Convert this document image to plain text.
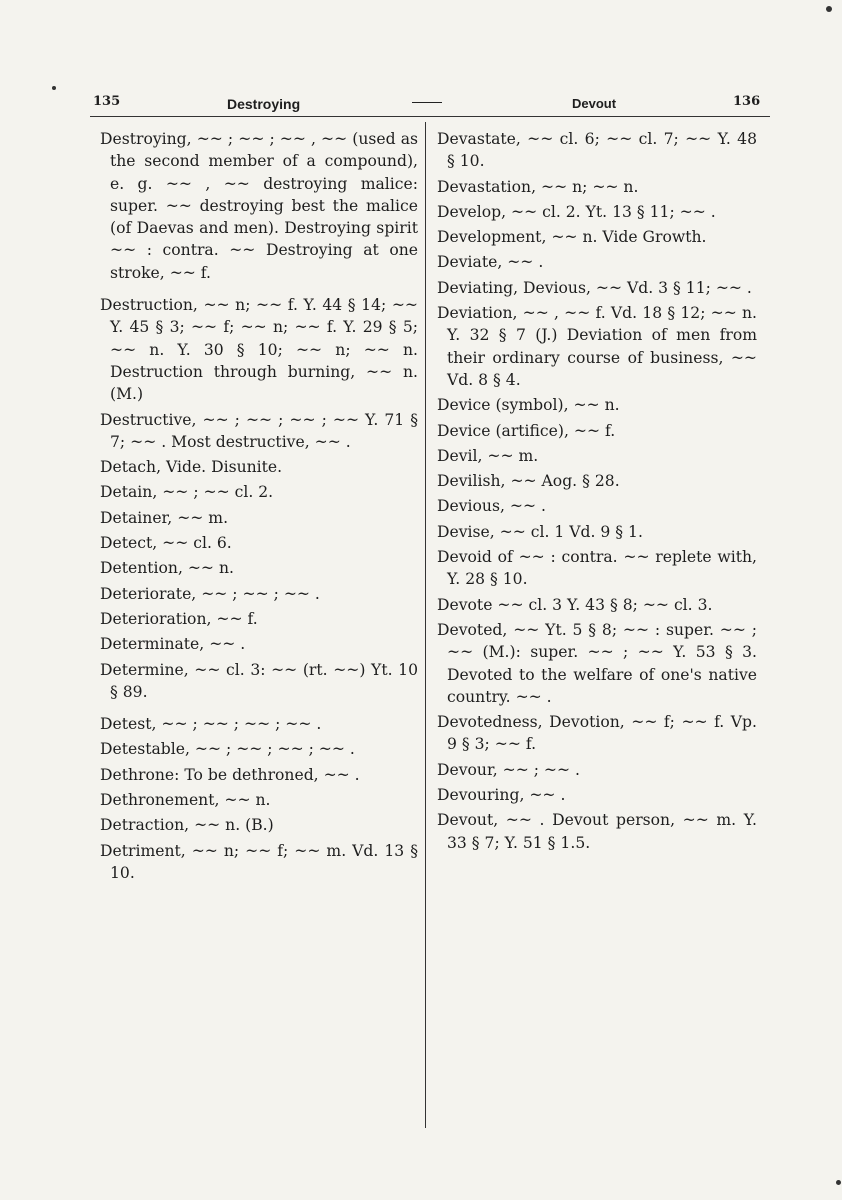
135	Destroying	Devout	136

Destroying, ~~ ; ~~ ; ~~ , ~~ (used as the second member of a compound), e. g. ~~ , ~~ destroying malice: super. ~~ destroying best the malice (of Daevas and men). Destroying spirit ~~ : contra. ~~ Destroying at one stroke, ~~ f.

Destruction, ~~ n; ~~ f. Y. 44 § 14; ~~ Y. 45 § 3; ~~ f; ~~ n; ~~ f. Y. 29 § 5; ~~ n. Y. 30 § 10; ~~ n; ~~ n. Destruction through burning, ~~ n. (M.)

Destructive, ~~ ; ~~ ; ~~ ; ~~ Y. 71 § 7; ~~ . Most destructive, ~~ .

Detach, Vide. Disunite.

Detain, ~~ ; ~~ cl. 2.

Detainer, ~~ m.

Detect, ~~ cl. 6.

Detention, ~~ n.

Deteriorate, ~~ ; ~~ ; ~~ .

Deterioration, ~~ f.

Determinate, ~~ .

Determine, ~~ cl. 3: ~~ (rt. ~~) Yt. 10 § 89.

Detest, ~~ ; ~~ ; ~~ ; ~~ .

Detestable, ~~ ; ~~ ; ~~ ; ~~ .

Dethrone: To be dethroned, ~~ .

Dethronement, ~~ n.

Detraction, ~~ n. (B.)

Detriment, ~~ n; ~~ f; ~~ m. Vd. 13 § 10.

Devastate, ~~ cl. 6; ~~ cl. 7; ~~ Y. 48 § 10.

Devastation, ~~ n; ~~ n.

Develop, ~~ cl. 2. Yt. 13 § 11; ~~ .

Development, ~~ n. Vide Growth.

Deviate, ~~ .

Deviating, Devious, ~~ Vd. 3 § 11; ~~ .

Deviation, ~~ , ~~ f. Vd. 18 § 12; ~~ n. Y. 32 § 7 (J.) Deviation of men from their ordinary course of business, ~~ Vd. 8 § 4.

Device (symbol), ~~ n.

Device (artifice), ~~ f.

Devil, ~~ m.

Devilish, ~~ Aog. § 28.

Devious, ~~ .

Devise, ~~ cl. 1 Vd. 9 § 1.

Devoid of ~~ : contra. ~~ replete with, Y. 28 § 10.

Devote ~~ cl. 3 Y. 43 § 8; ~~ cl. 3.

Devoted, ~~ Yt. 5 § 8; ~~ : super. ~~ ; ~~ (M.): super. ~~ ; ~~ Y. 53 § 3. Devoted to the welfare of one's native country. ~~ .

Devotedness, Devotion, ~~ f; ~~ f. Vp. 9 § 3; ~~ f.

Devour, ~~ ; ~~ .

Devouring, ~~ .

Devout, ~~ . Devout person, ~~ m. Y. 33 § 7; Y. 51 § 1.5.
